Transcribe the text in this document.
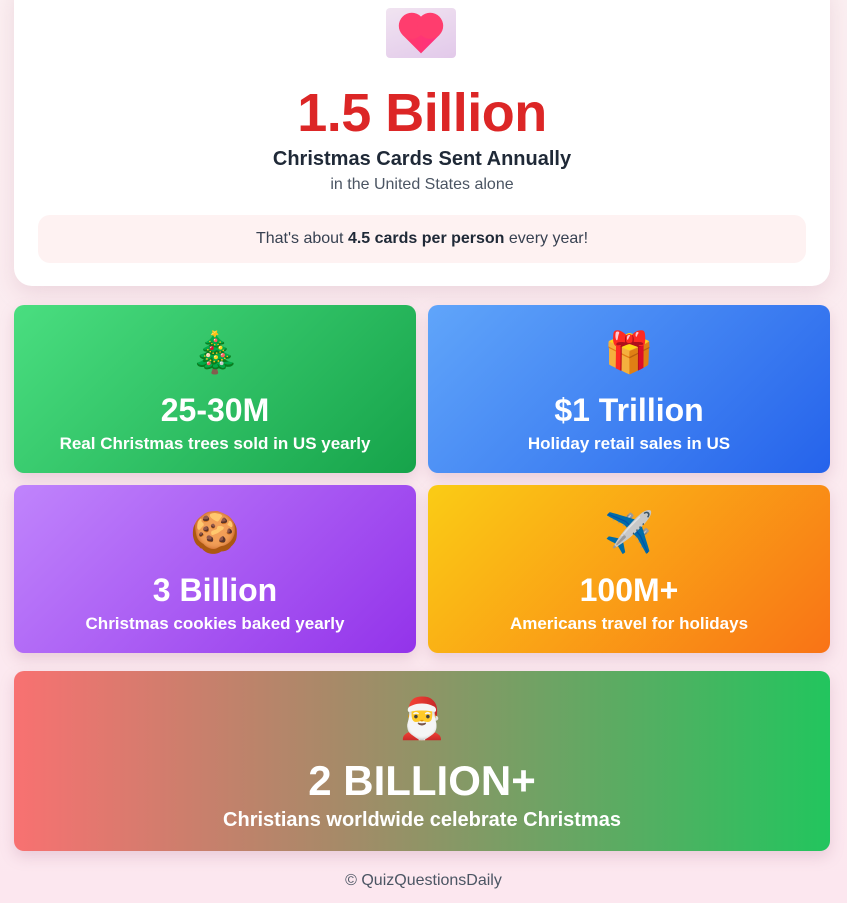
1.5 Billion
Christmas Cards Sent Annually
in the United States alone
That's about 4.5 cards per person every year!
🎄
25-30M
Real Christmas trees sold in US yearly
🎁
$1 Trillion
Holiday retail sales in US
🍪
3 Billion
Christmas cookies baked yearly
✈️
100M+
Americans travel for holidays
🎅
2 BILLION+
Christians worldwide celebrate Christmas
© QuizQuestionsDaily
